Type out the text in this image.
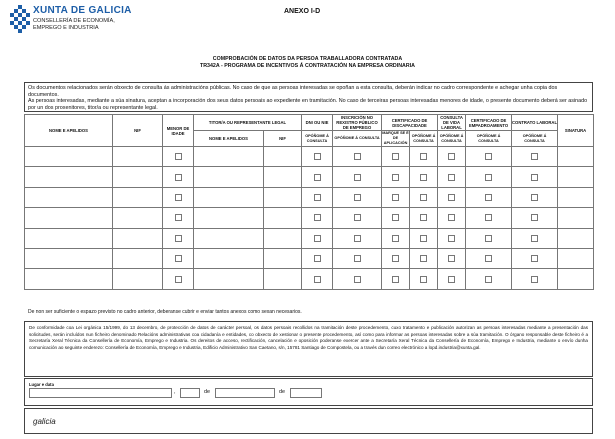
XUNTA DE GALICIA
CONSELLERÍA DE ECONOMÍA,
EMPREGO E INDUSTRIA
ANEXO I-D
COMPROBACIÓN DE DATOS DA PERSOA TRABALLADORA CONTRATADA
TR342A - PROGRAMA DE INCENTIVOS Á CONTRATACIÓN NA EMPRESA ORDINARIA
Os documentos relacionados serán obxecto de consulta ás administracións públicas. No caso de que as persoas interesadas se opoñan a esta consulta, deberán indicar no cadro correspondente e achegar unha copia dos documentos.
As persoas interesadas, mediante a súa sinatura, aceptan a incorporación dos seus datos persoais ao expediente en tramitación. No caso de terceiras persoas interesadas menores de idade, o presente documento deberá ser asinado por un dos proxenitores, titor/a ou representante legal.
NOME E APELIDOS	NIF	MENOR DE IDADE	TITOR/A OU REPRESENTANTE LEGAL		DNI OU NIE	INSCRICIÓN NO REXISTRO PÚBLICO DE EMPREGO	CERTIFICADO DE DISCAPACIDADE		CONSULTA DE VIDA LABORAL	CERTIFICADO DE EMPADROAMENTO	CONTRATO LABORAL	SINATURA
			NOME E APELIDOS	NIF	OPÓÑOME Á CONSULTA	OPÓÑOME Á CONSULTA	MARQUE SE É DE APLICACIÓN	OPÓÑOME Á CONSULTA	OPÓÑOME Á CONSULTA	OPÓÑOME Á CONSULTA	OPÓÑOME Á CONSULTA	

De non ser suficiente o espazo previsto no cadro anterior, deberanse cubrir e enviar tantos anexos como sexan necesarios.
De conformidade coa Lei orgánica 15/1999, do 13 decembro, de protección de datos de carácter persoal, os datos persoais recollidos na tramitación deste procedemento, cuxo tratamento e publicación autorizan as persoas interesadas mediante a presentación das solicitudes, serán incluídos nun ficheiro denominado Relacións administrativas coa cidadanía e entidades, co obxecto de xestionar o presente procedemento, así como para informar as persoas interesadas sobre a súa tramitación. O órgano responsable deste ficheiro é a Secretaría Xeral Técnica da Consellería de Economía, Emprego e Industria. Os dereitos de acceso, rectificación, cancelación e oposición poderanse exercer ante a Secretaría Xeral Técnica da Consellería de Economía, Emprego e Industria, mediante o envío dunha comunicación ao seguinte enderezo: Consellería de Economía, Emprego e Industria, Edificio Administrativo San Caetano, s/n, 15781 Santiago de Compostela, ou a través dun correo electrónico a lopd.industria@xunta.gal.
Lugar e data
,	de	de
galicia
